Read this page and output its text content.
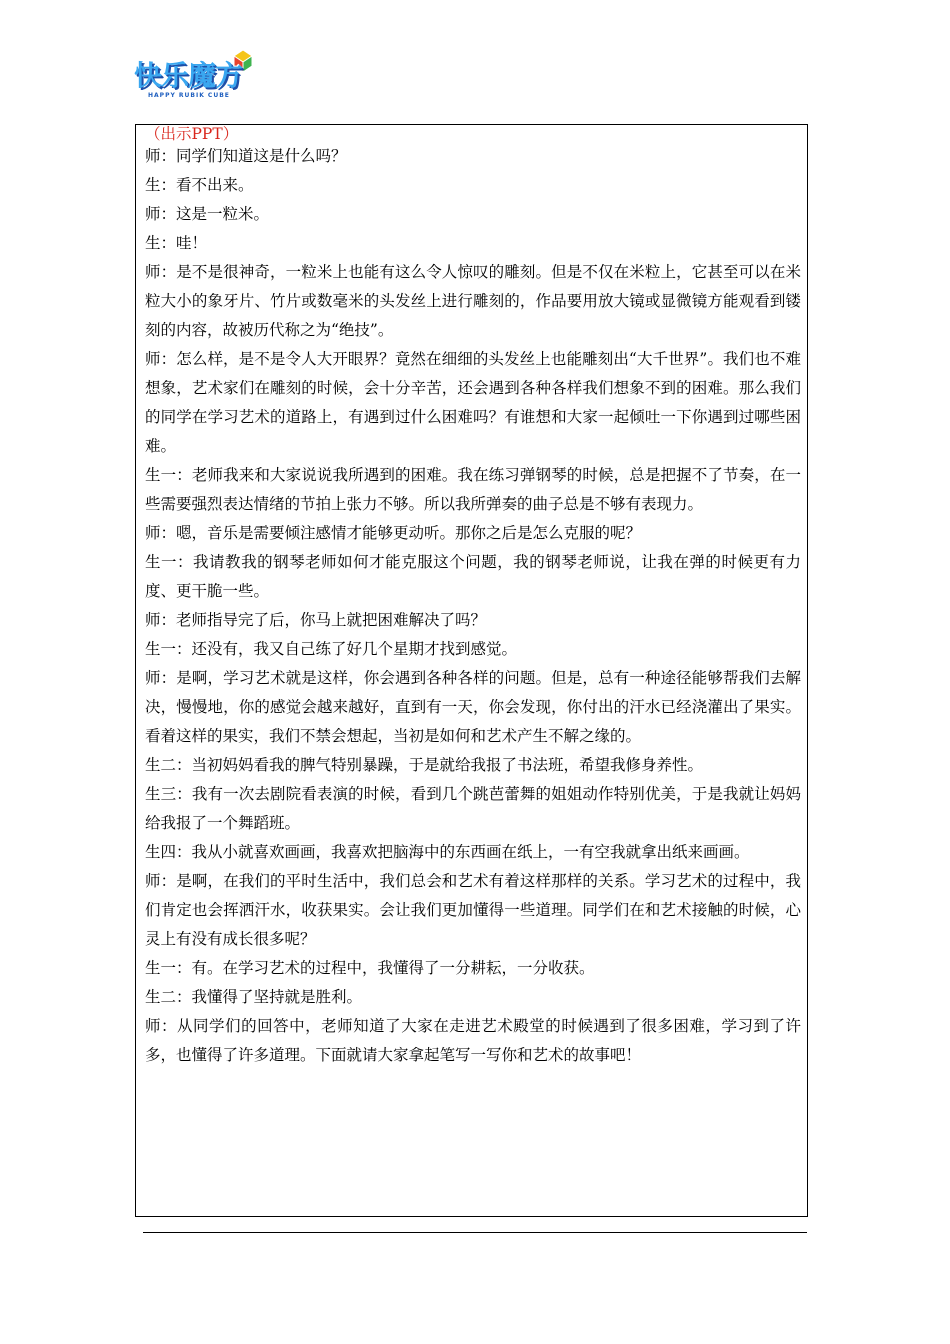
快乐魔方
HAPPY RUBIK CUBE
（出示PPT）

师：同学们知道这是什么吗？

生：看不出来。

师：这是一粒米。

生：哇！

师：是不是很神奇，一粒米上也能有这么令人惊叹的雕刻。但是不仅在米粒上，它甚至可以在米粒大小的象牙片、竹片或数毫米的头发丝上进行雕刻的，作品要用放大镜或显微镜方能观看到镂刻的内容，故被历代称之为“绝技”。

师：怎么样，是不是令人大开眼界？竟然在细细的头发丝上也能雕刻出“大千世界”。我们也不难想象，艺术家们在雕刻的时候，会十分辛苦，还会遇到各种各样我们想象不到的困难。那么我们的同学在学习艺术的道路上，有遇到过什么困难吗？有谁想和大家一起倾吐一下你遇到过哪些困难。

生一：老师我来和大家说说我所遇到的困难。我在练习弹钢琴的时候，总是把握不了节奏，在一些需要强烈表达情绪的节拍上张力不够。所以我所弹奏的曲子总是不够有表现力。

师：嗯，音乐是需要倾注感情才能够更动听。那你之后是怎么克服的呢？

生一：我请教我的钢琴老师如何才能克服这个问题，我的钢琴老师说，让我在弹的时候更有力度、更干脆一些。

师：老师指导完了后，你马上就把困难解决了吗？

生一：还没有，我又自己练了好几个星期才找到感觉。

师：是啊，学习艺术就是这样，你会遇到各种各样的问题。但是，总有一种途径能够帮我们去解决，慢慢地，你的感觉会越来越好，直到有一天，你会发现，你付出的汗水已经浇灌出了果实。看着这样的果实，我们不禁会想起，当初是如何和艺术产生不解之缘的。

生二：当初妈妈看我的脾气特别暴躁，于是就给我报了书法班，希望我修身养性。

生三：我有一次去剧院看表演的时候，看到几个跳芭蕾舞的姐姐动作特别优美，于是我就让妈妈给我报了一个舞蹈班。

生四：我从小就喜欢画画，我喜欢把脑海中的东西画在纸上，一有空我就拿出纸来画画。

师：是啊，在我们的平时生活中，我们总会和艺术有着这样那样的关系。学习艺术的过程中，我们肯定也会挥洒汗水，收获果实。会让我们更加懂得一些道理。同学们在和艺术接触的时候，心灵上有没有成长很多呢？

生一：有。在学习艺术的过程中，我懂得了一分耕耘，一分收获。

生二：我懂得了坚持就是胜利。

师：从同学们的回答中，老师知道了大家在走进艺术殿堂的时候遇到了很多困难，学习到了许多，也懂得了许多道理。下面就请大家拿起笔写一写你和艺术的故事吧！
